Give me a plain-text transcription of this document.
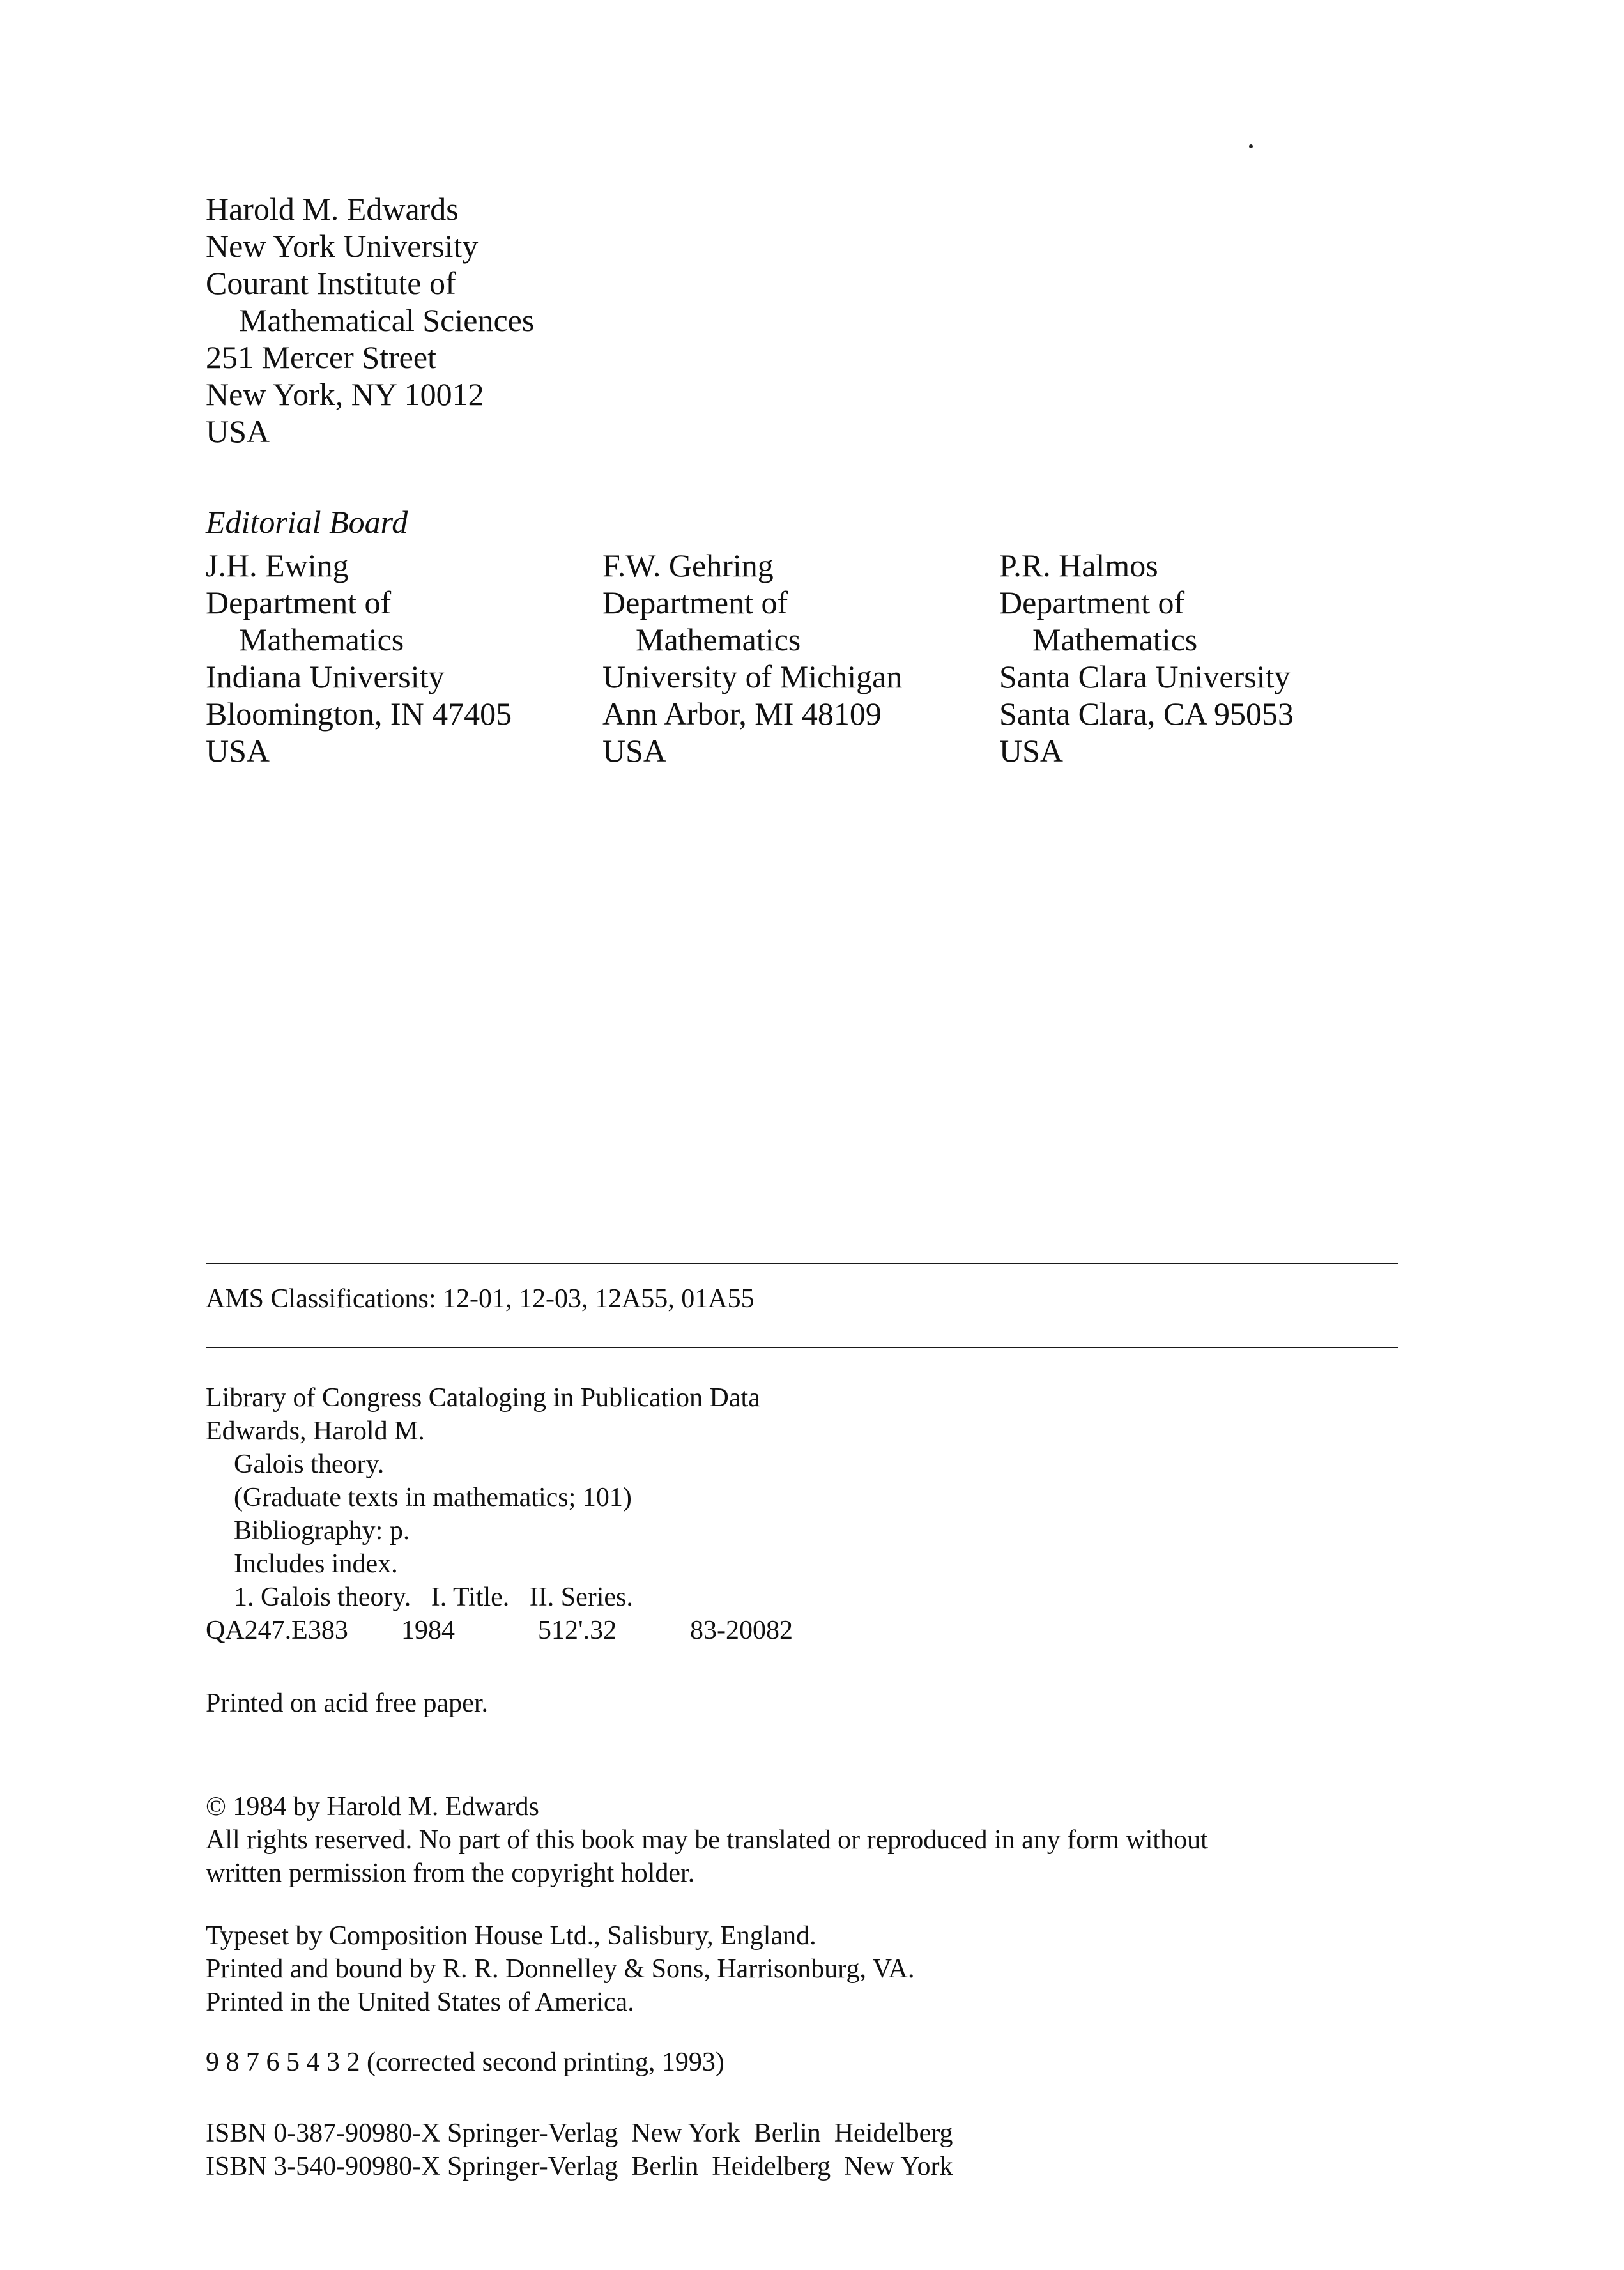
Harold M. Edwards
New York University
Courant Institute of
Mathematical Sciences
251 Mercer Street
New York, NY 10012
USA
Editorial Board
J.H. Ewing
Department of
Mathematics
Indiana University
Bloomington, IN 47405
USA
F.W. Gehring
Department of
Mathematics
University of Michigan
Ann Arbor, MI 48109
USA
P.R. Halmos
Department of
Mathematics
Santa Clara University
Santa Clara, CA 95053
USA
AMS Classifications: 12-01, 12-03, 12A55, 01A55
Library of Congress Cataloging in Publication Data
Edwards, Harold M.
Galois theory.
(Graduate texts in mathematics; 101)
Bibliography: p.
Includes index.
1. Galois theory.   I. Title.   II. Series.
QA247.E383 1984	512'.32	83-20082
Printed on acid free paper.
© 1984 by Harold M. Edwards
All rights reserved. No part of this book may be translated or reproduced in any form without
written permission from the copyright holder.
Typeset by Composition House Ltd., Salisbury, England.
Printed and bound by R. R. Donnelley & Sons, Harrisonburg, VA.
Printed in the United States of America.
9 8 7 6 5 4 3 2 (corrected second printing, 1993)
ISBN 0-387-90980-X Springer-Verlag  New York  Berlin  Heidelberg
ISBN 3-540-90980-X Springer-Verlag  Berlin  Heidelberg  New York
